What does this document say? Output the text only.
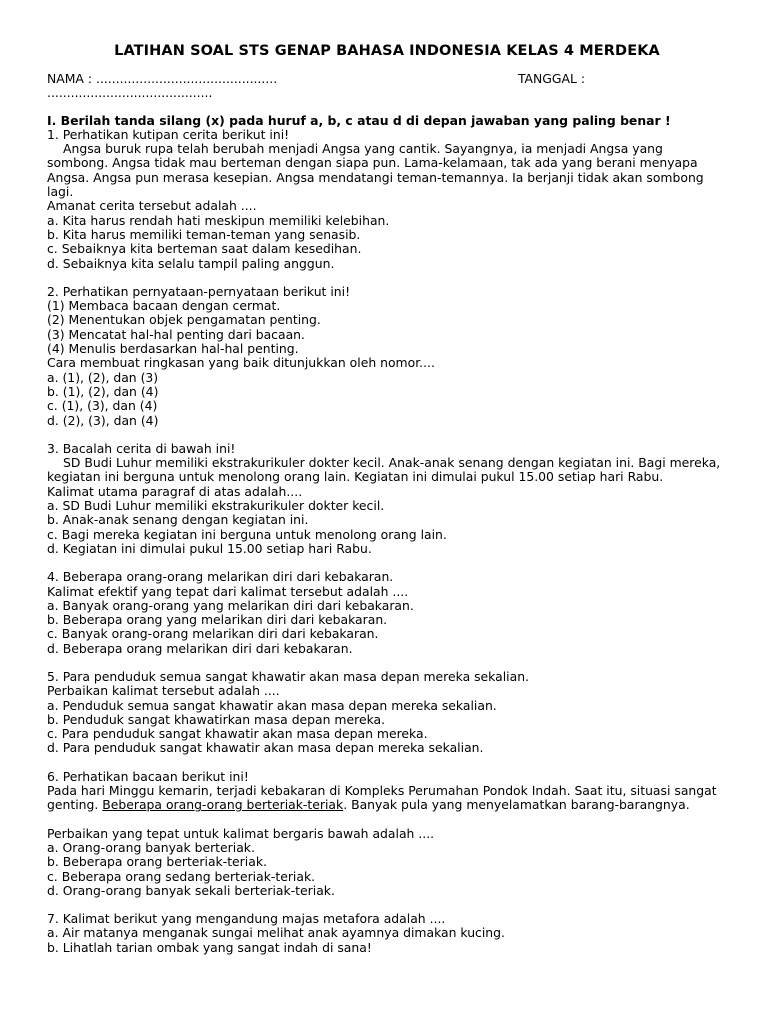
LATIHAN SOAL STS GENAP BAHASA INDONESIA KELAS 4 MERDEKA
NAMA : ..............................................	TANGGAL :
..........................................
I. Berilah tanda silang (x) pada huruf a, b, c atau d di depan jawaban yang paling benar !

1. Perhatikan kutipan cerita berikut ini!

Angsa buruk rupa telah berubah menjadi Angsa yang cantik. Sayangnya, ia menjadi Angsa yang sombong. Angsa tidak mau berteman dengan siapa pun. Lama-kelamaan, tak ada yang berani menyapa Angsa. Angsa pun merasa kesepian. Angsa mendatangi teman-temannya. Ia berjanji tidak akan sombong lagi.

Amanat cerita tersebut adalah ....

a. Kita harus rendah hati meskipun memiliki kelebihan.

b. Kita harus memiliki teman-teman yang senasib.

c. Sebaiknya kita berteman saat dalam kesedihan.

d. Sebaiknya kita selalu tampil paling anggun.

2. Perhatikan pernyataan-pernyataan berikut ini!

(1) Membaca bacaan dengan cermat.

(2) Menentukan objek pengamatan penting.

(3) Mencatat hal-hal penting dari bacaan.

(4) Menulis berdasarkan hal-hal penting.

Cara membuat ringkasan yang baik ditunjukkan oleh nomor....

a. (1), (2), dan (3)

b. (1), (2), dan (4)

c. (1), (3), dan (4)

d. (2), (3), dan (4)

3. Bacalah cerita di bawah ini!

SD Budi Luhur memiliki ekstrakurikuler dokter kecil. Anak-anak senang dengan kegiatan ini. Bagi mereka, kegiatan ini berguna untuk menolong orang lain. Kegiatan ini dimulai pukul 15.00 setiap hari Rabu.

Kalimat utama paragraf di atas adalah....

a. SD Budi Luhur memiliki ekstrakurikuler dokter kecil.

b. Anak-anak senang dengan kegiatan ini.

c. Bagi mereka kegiatan ini berguna untuk menolong orang lain.

d. Kegiatan ini dimulai pukul 15.00 setiap hari Rabu.

4. Beberapa orang-orang melarikan diri dari kebakaran.

Kalimat efektif yang tepat dari kalimat tersebut adalah ....

a. Banyak orang-orang yang melarikan diri dari kebakaran.

b. Beberapa orang yang melarikan diri dari kebakaran.

c. Banyak orang-orang melarikan diri dari kebakaran.

d. Beberapa orang melarikan diri dari kebakaran.

5. Para penduduk semua sangat khawatir akan masa depan mereka sekalian.

Perbaikan kalimat tersebut adalah ....

a. Penduduk semua sangat khawatir akan masa depan mereka sekalian.

b. Penduduk sangat khawatirkan masa depan mereka.

c. Para penduduk sangat khawatir akan masa depan mereka.

d. Para penduduk sangat khawatir akan masa depan mereka sekalian.

6. Perhatikan bacaan berikut ini!

Pada hari Minggu kemarin, terjadi kebakaran di Kompleks Perumahan Pondok Indah. Saat itu, situasi sangat genting. Beberapa orang-orang berteriak-teriak. Banyak pula yang menyelamatkan barang-barangnya.

Perbaikan yang tepat untuk kalimat bergaris bawah adalah ....

a. Orang-orang banyak berteriak.

b. Beberapa orang berteriak-teriak.

c. Beberapa orang sedang berteriak-teriak.

d. Orang-orang banyak sekali berteriak-teriak.

7. Kalimat berikut yang mengandung majas metafora adalah ....

a. Air matanya menganak sungai melihat anak ayamnya dimakan kucing.

b. Lihatlah tarian ombak yang sangat indah di sana!
